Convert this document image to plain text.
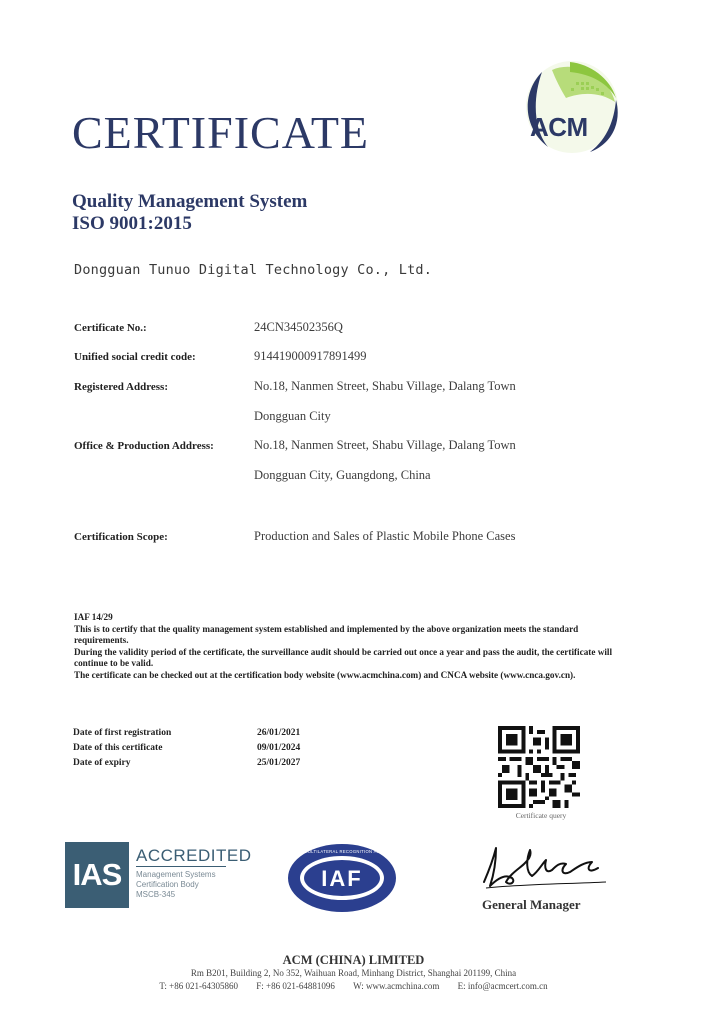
ACM
CERTIFICATE
Quality Management System
ISO 9001:2015
Dongguan Tunuo Digital Technology Co., Ltd.
Certificate No.:	24CN34502356Q
Unified social credit code:	914419000917891499
Registered Address:	No.18, Nanmen Street, Shabu Village, Dalang Town
Dongguan City
Office & Production Address:	No.18, Nanmen Street, Shabu Village, Dalang Town
Dongguan City, Guangdong, China
Certification Scope:	Production and Sales of Plastic Mobile Phone Cases
IAF 14/29
This is to certify that the quality management system established and implemented by the above organization meets the standard requirements.
During the validity period of the certificate, the surveillance audit should be carried out once a year and pass the audit, the certificate will continue to be valid.
The certificate can be checked out at the certification body website (www.acmchina.com) and CNCA website (www.cnca.gov.cn).
Date of first registration	26/01/2021
Date of this certificate	09/01/2024
Date of expiry	25/01/2027
Certificate query
IAS
ACCREDITED
Management Systems
Certification Body
MSCB-345
IAF
MEMBER OF MULTILATERAL RECOGNITION ARRANGEMENT
General Manager
ACM (CHINA) LIMITED
Rm B201, Building 2, No 352, Waihuan Road, Minhang District, Shanghai 201199, China
T: +86 021-64305860 F: +86 021-64881096 W: www.acmchina.com E: info@acmcert.com.cn
